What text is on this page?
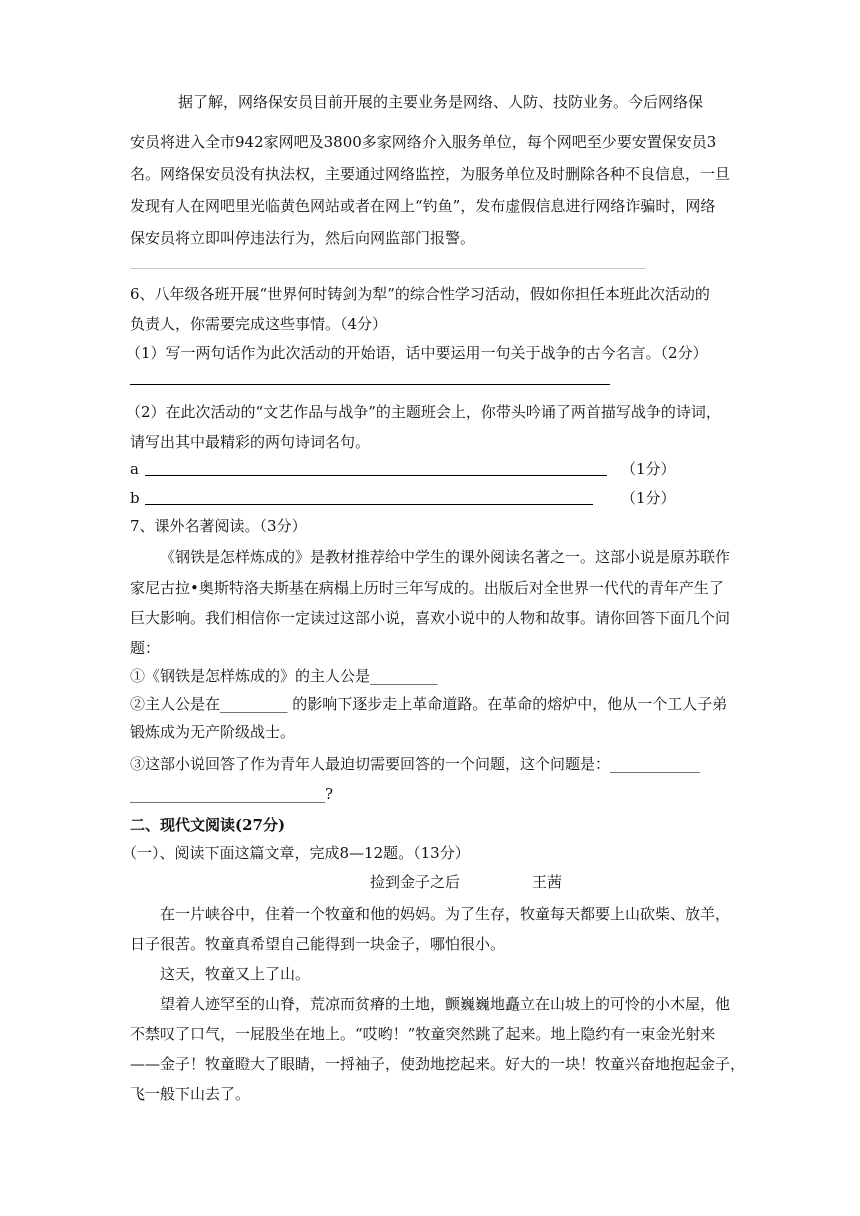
据了解，网络保安员目前开展的主要业务是网络、人防、技防业务。今后网络保
安员将进入全市942家网吧及3800多家网络介入服务单位，每个网吧至少要安置保安员3
名。网络保安员没有执法权，主要通过网络监控，为服务单位及时删除各种不良信息，一旦
发现有人在网吧里光临黄色网站或者在网上“钓鱼”，发布虚假信息进行网络诈骗时，网络
保安员将立即叫停违法行为，然后向网监部门报警。
6、八年级各班开展“世界何时铸剑为犁”的综合性学习活动，假如你担任本班此次活动的
负责人，你需要完成这些事情。（4分）
（1）写一两句话作为此次活动的开始语，话中要运用一句关于战争的古今名言。（2分）
（2）在此次活动的“文艺作品与战争”的主题班会上，你带头吟诵了两首描写战争的诗词，
请写出其中最精彩的两句诗词名句。
a	（1分）
b	（1分）
7、课外名著阅读。（3分）
《钢铁是怎样炼成的》是教材推荐给中学生的课外阅读名著之一。这部小说是原苏联作
家尼古拉•奥斯特洛夫斯基在病榻上历时三年写成的。出版后对全世界一代代的青年产生了
巨大影响。我们相信你一定读过这部小说，喜欢小说中的人物和故事。请你回答下面几个问
题：
①《钢铁是怎样炼成的》的主人公是_________
②主人公是在_________ 的影响下逐步走上革命道路。在革命的熔炉中，他从一个工人子弟
锻炼成为无产阶级战士。
③这部小说回答了作为青年人最迫切需要回答的一个问题，这个问题是：____________
__________________________?
二、现代文阅读(27分)
（一）、阅读下面这篇文章，完成8—12题。（13分）
捡到金子之后	王茜
在一片峡谷中，住着一个牧童和他的妈妈。为了生存，牧童每天都要上山砍柴、放羊，
日子很苦。牧童真希望自己能得到一块金子，哪怕很小。
这天，牧童又上了山。
望着人迹罕至的山脊，荒凉而贫瘠的土地，颤巍巍地矗立在山坡上的可怜的小木屋，他
不禁叹了口气，一屁股坐在地上。“哎哟！”牧童突然跳了起来。地上隐约有一束金光射来
——金子！牧童瞪大了眼睛，一捋袖子，使劲地挖起来。好大的一块！牧童兴奋地抱起金子，
飞一般下山去了。
